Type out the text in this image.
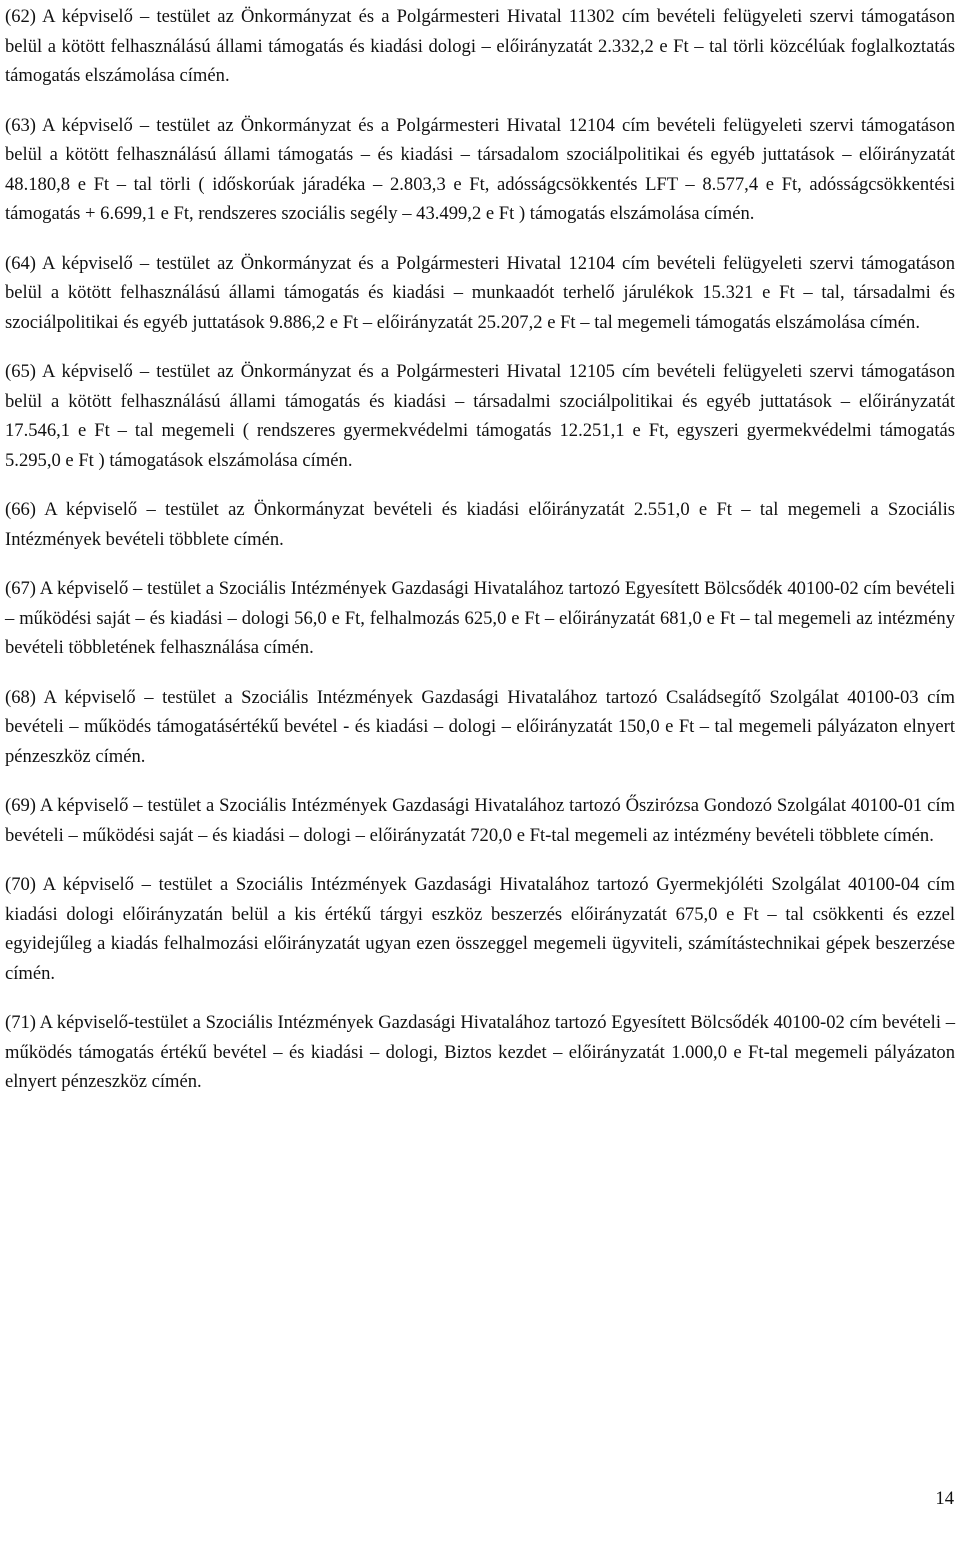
(62) A képviselő – testület az Önkormányzat és a Polgármesteri Hivatal 11302 cím bevételi felügyeleti szervi támogatáson belül a kötött felhasználású állami támogatás és kiadási dologi – előirányzatát 2.332,2 e Ft – tal törli közcélúak foglalkoztatás támogatás elszámolása címén.

(63) A képviselő – testület az Önkormányzat és a Polgármesteri Hivatal 12104 cím bevételi felügyeleti szervi támogatáson belül a kötött felhasználású állami támogatás – és kiadási – társadalom szociálpolitikai és egyéb juttatások – előirányzatát 48.180,8 e Ft – tal törli ( időskorúak járadéka – 2.803,3 e Ft, adósságcsökkentés LFT – 8.577,4 e Ft, adósságcsökkentési támogatás + 6.699,1 e Ft, rendszeres szociális segély – 43.499,2 e Ft ) támogatás elszámolása címén.

(64) A képviselő – testület az Önkormányzat és a Polgármesteri Hivatal 12104 cím bevételi felügyeleti szervi támogatáson belül a kötött felhasználású állami támogatás és kiadási – munkaadót terhelő járulékok 15.321 e Ft – tal, társadalmi és szociálpolitikai és egyéb juttatások 9.886,2 e Ft – előirányzatát 25.207,2 e Ft – tal megemeli támogatás elszámolása címén.

(65) A képviselő – testület az Önkormányzat és a Polgármesteri Hivatal 12105 cím bevételi felügyeleti szervi támogatáson belül a kötött felhasználású állami támogatás és kiadási – társadalmi szociálpolitikai és egyéb juttatások – előirányzatát 17.546,1 e Ft – tal megemeli ( rendszeres gyermekvédelmi támogatás 12.251,1 e Ft, egyszeri gyermekvédelmi támogatás 5.295,0 e Ft ) támogatások elszámolása címén.

(66) A képviselő – testület az Önkormányzat bevételi és kiadási előirányzatát 2.551,0 e Ft – tal megemeli a Szociális Intézmények bevételi többlete címén.

(67) A képviselő – testület a Szociális Intézmények Gazdasági Hivatalához tartozó Egyesített Bölcsődék 40100-02 cím bevételi – működési saját – és kiadási – dologi 56,0 e Ft, felhalmozás 625,0 e Ft – előirányzatát 681,0 e Ft – tal megemeli az intézmény bevételi többletének felhasználása címén.

(68) A képviselő – testület a Szociális Intézmények Gazdasági Hivatalához tartozó Családsegítő Szolgálat 40100-03 cím bevételi – működés támogatásértékű bevétel - és kiadási – dologi – előirányzatát 150,0 e Ft – tal megemeli pályázaton elnyert pénzeszköz címén.

(69) A képviselő – testület a Szociális Intézmények Gazdasági Hivatalához tartozó Őszirózsa Gondozó Szolgálat 40100-01 cím bevételi – működési saját – és kiadási – dologi – előirányzatát 720,0 e Ft-tal megemeli az intézmény bevételi többlete címén.

(70) A képviselő – testület a Szociális Intézmények Gazdasági Hivatalához tartozó Gyermekjóléti Szolgálat 40100-04 cím kiadási dologi előirányzatán belül a kis értékű tárgyi eszköz beszerzés előirányzatát 675,0 e Ft – tal csökkenti és ezzel egyidejűleg a kiadás felhalmozási előirányzatát ugyan ezen összeggel megemeli ügyviteli, számítástechnikai gépek beszerzése címén.

(71) A képviselő-testület a Szociális Intézmények Gazdasági Hivatalához tartozó Egyesített Bölcsődék 40100-02 cím bevételi – működés támogatás értékű bevétel – és kiadási – dologi, Biztos kezdet – előirányzatát 1.000,0 e Ft-tal megemeli pályázaton elnyert pénzeszköz címén.

14
